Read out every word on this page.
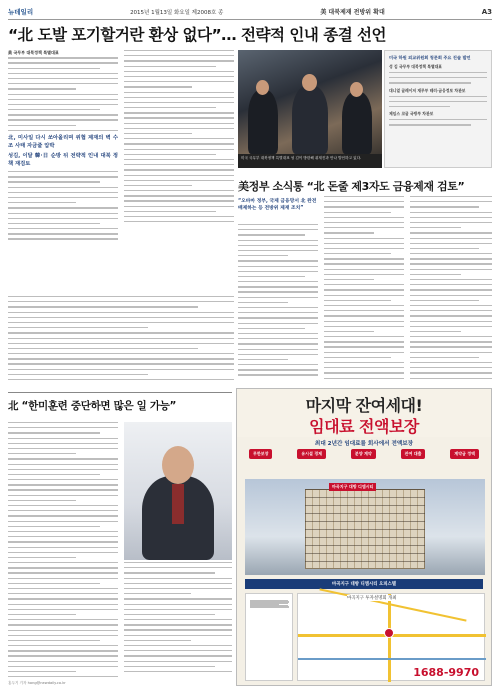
뉴데일리	2015년 1월13일 화요일 제2008호 종	美 대북제재 전방위 확대	A3
“北 도발 포기할거란 환상 없다”… 전략적 인내 종결 선언
美 국무부 대북정책 특별대표
北, 미사일 다시 쏘아올리며 위협 제재의 벽 수조 사태 자금줄 압박
성김, 이달 韓·日 순방 뒤 전략적 인내 대북 정책 재검토
미국 국무부 대북정책 특별대표 성 김이 방한해 취재진과 만나 발언하고 있다.
미국 하원 외교위원회 청문회 주요 진술 발언
성 김 국무부 대북정책 특별대표
대니얼 글레이저 재무부 테러·금융정보 차관보
제임스 코글 국방부 차관보
美정부 소식통 “北 돈줄 제3자도 금융제재 검토”
“오바마 정부, 국제 금융망서 北 완전 배제하는 등 전방위 제재 조치”
北 “한미훈련 중단하면 많은 일 가능”	마지막 잔여세대!
임대료 전액보장
최대 2년간 임대료를 회사에서 전액보장
무한보장	유시설 경제	분양 계약	잔여 대출	계약금 정액
마곡지구 대방 디엠시티
마곡지구 대방 디엠시티 오피스텔
마곡지구 투자설명회 개최
1688-9970
홍두기 기자 hong@newdaily.co.kr
